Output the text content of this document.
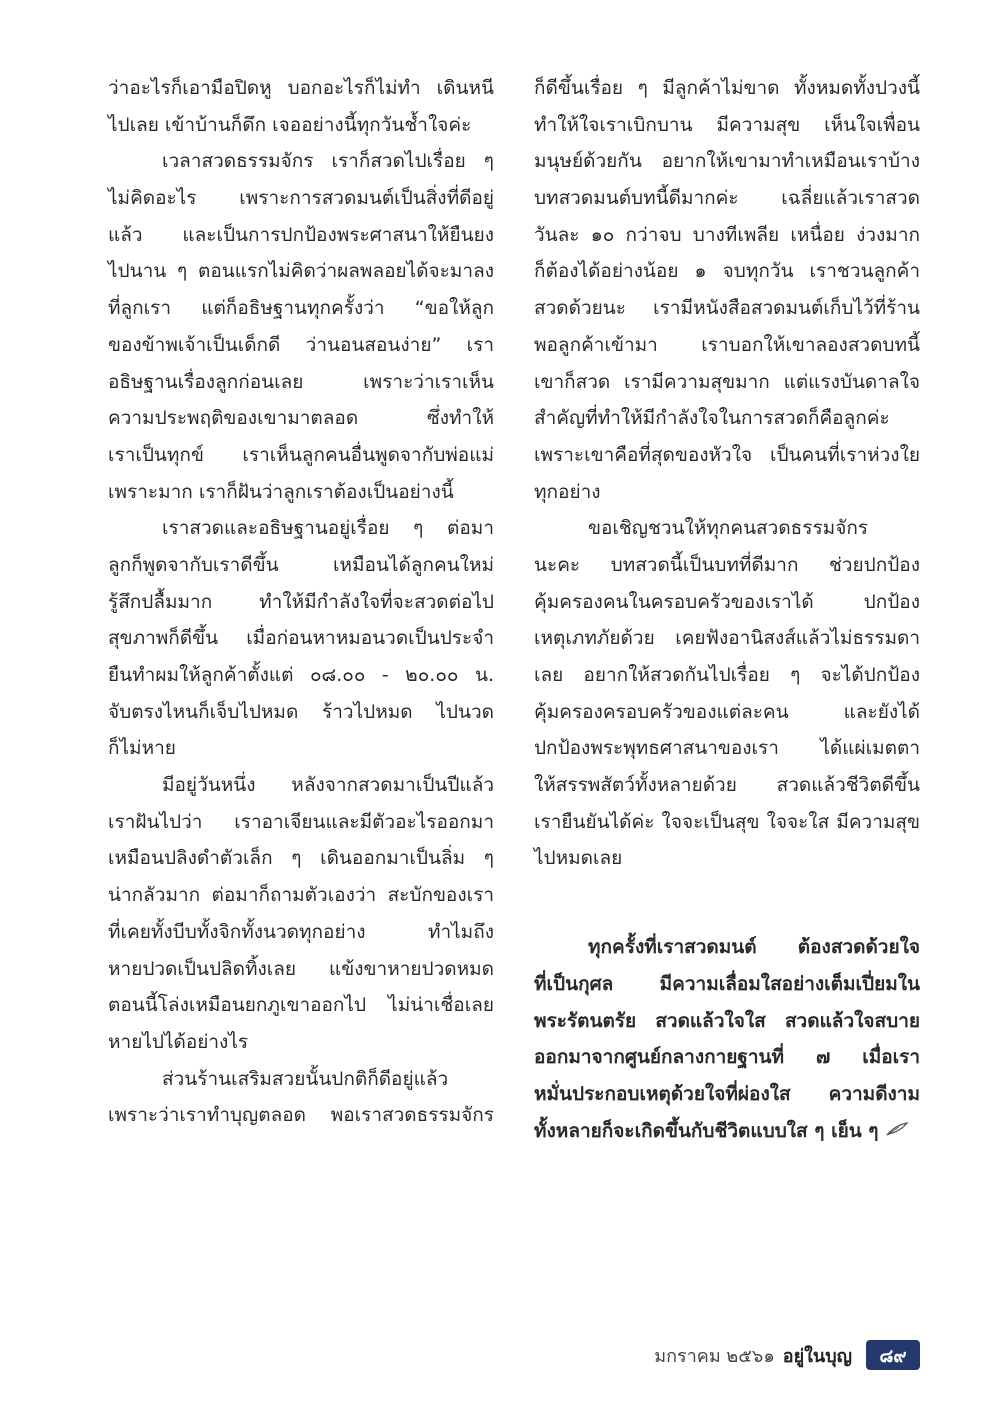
ว่าอะไรก็เอามือปิดหู บอกอะไรก็ไม่ทำ เดินหนี
ไปเลย เข้าบ้านก็ดึก เจออย่างนี้ทุกวันช้ำใจค่ะ
เวลาสวดธรรมจักร เราก็สวดไปเรื่อย ๆ
ไม่คิดอะไร เพราะการสวดมนต์เป็นสิ่งที่ดีอยู่
แล้ว และเป็นการปกป้องพระศาสนาให้ยืนยง
ไปนาน ๆ ตอนแรกไม่คิดว่าผลพลอยได้จะมาลง
ที่ลูกเรา แต่ก็อธิษฐานทุกครั้งว่า “ขอให้ลูก
ของข้าพเจ้าเป็นเด็กดี ว่านอนสอนง่าย” เรา
อธิษฐานเรื่องลูกก่อนเลย เพราะว่าเราเห็น
ความประพฤติของเขามาตลอด ซึ่งทำให้
เราเป็นทุกข์ เราเห็นลูกคนอื่นพูดจากับพ่อแม่
เพราะมาก เราก็ฝันว่าลูกเราต้องเป็นอย่างนี้
เราสวดและอธิษฐานอยู่เรื่อย ๆ ต่อมา
ลูกก็พูดจากับเราดีขึ้น เหมือนได้ลูกคนใหม่
รู้สึกปลื้มมาก ทำให้มีกำลังใจที่จะสวดต่อไป
สุขภาพก็ดีขึ้น เมื่อก่อนหาหมอนวดเป็นประจำ
ยืนทำผมให้ลูกค้าตั้งแต่ ๐๘.๐๐ - ๒๐.๐๐ น.
จับตรงไหนก็เจ็บไปหมด ร้าวไปหมด ไปนวด
ก็ไม่หาย
มีอยู่วันหนึ่ง หลังจากสวดมาเป็นปีแล้ว
เราฝันไปว่า เราอาเจียนและมีตัวอะไรออกมา
เหมือนปลิงดำตัวเล็ก ๆ เดินออกมาเป็นลิ่ม ๆ
น่ากลัวมาก ต่อมาก็ถามตัวเองว่า สะบักของเรา
ที่เคยทั้งบีบทั้งจิกทั้งนวดทุกอย่าง ทำไมถึง
หายปวดเป็นปลิดทิ้งเลย แข้งขาหายปวดหมด
ตอนนี้โล่งเหมือนยกภูเขาออกไป ไม่น่าเชื่อเลย
หายไปได้อย่างไร
ส่วนร้านเสริมสวยนั้นปกติก็ดีอยู่แล้ว
เพราะว่าเราทำบุญตลอด พอเราสวดธรรมจักร
ก็ดีขึ้นเรื่อย ๆ มีลูกค้าไม่ขาด ทั้งหมดทั้งปวงนี้
ทำให้ใจเราเบิกบาน มีความสุข เห็นใจเพื่อน
มนุษย์ด้วยกัน อยากให้เขามาทำเหมือนเราบ้าง
บทสวดมนต์บทนี้ดีมากค่ะ เฉลี่ยแล้วเราสวด
วันละ ๑๐ กว่าจบ บางทีเพลีย เหนื่อย ง่วงมาก
ก็ต้องได้อย่างน้อย ๑ จบทุกวัน เราชวนลูกค้า
สวดด้วยนะ เรามีหนังสือสวดมนต์เก็บไว้ที่ร้าน
พอลูกค้าเข้ามา เราบอกให้เขาลองสวดบทนี้
เขาก็สวด เรามีความสุขมาก แต่แรงบันดาลใจ
สำคัญที่ทำให้มีกำลังใจในการสวดก็คือลูกค่ะ
เพราะเขาคือที่สุดของหัวใจ เป็นคนที่เราห่วงใย
ทุกอย่าง
ขอเชิญชวนให้ทุกคนสวดธรรมจักร
นะคะ บทสวดนี้เป็นบทที่ดีมาก ช่วยปกป้อง
คุ้มครองคนในครอบครัวของเราได้ ปกป้อง
เหตุเภทภัยด้วย เคยฟังอานิสงส์แล้วไม่ธรรมดา
เลย อยากให้สวดกันไปเรื่อย ๆ จะได้ปกป้อง
คุ้มครองครอบครัวของแต่ละคน และยังได้
ปกป้องพระพุทธศาสนาของเรา ได้แผ่เมตตา
ให้สรรพสัตว์ทั้งหลายด้วย สวดแล้วชีวิตดีขึ้น
เรายืนยันได้ค่ะ ใจจะเป็นสุข ใจจะใส มีความสุข
ไปหมดเลย
ทุกครั้งที่เราสวดมนต์ ต้องสวดด้วยใจ
ที่เป็นกุศล มีความเลื่อมใสอย่างเต็มเปี่ยมใน
พระรัตนตรัย สวดแล้วใจใส สวดแล้วใจสบาย
ออกมาจากศูนย์กลางกายฐานที่ ๗ เมื่อเรา
หมั่นประกอบเหตุด้วยใจที่ผ่องใส ความดีงาม
ทั้งหลายก็จะเกิดขึ้นกับชีวิตแบบใส ๆ เย็น ๆ
มกราคม ๒๕๖๑ อยู่ในบุญ	๘๙
